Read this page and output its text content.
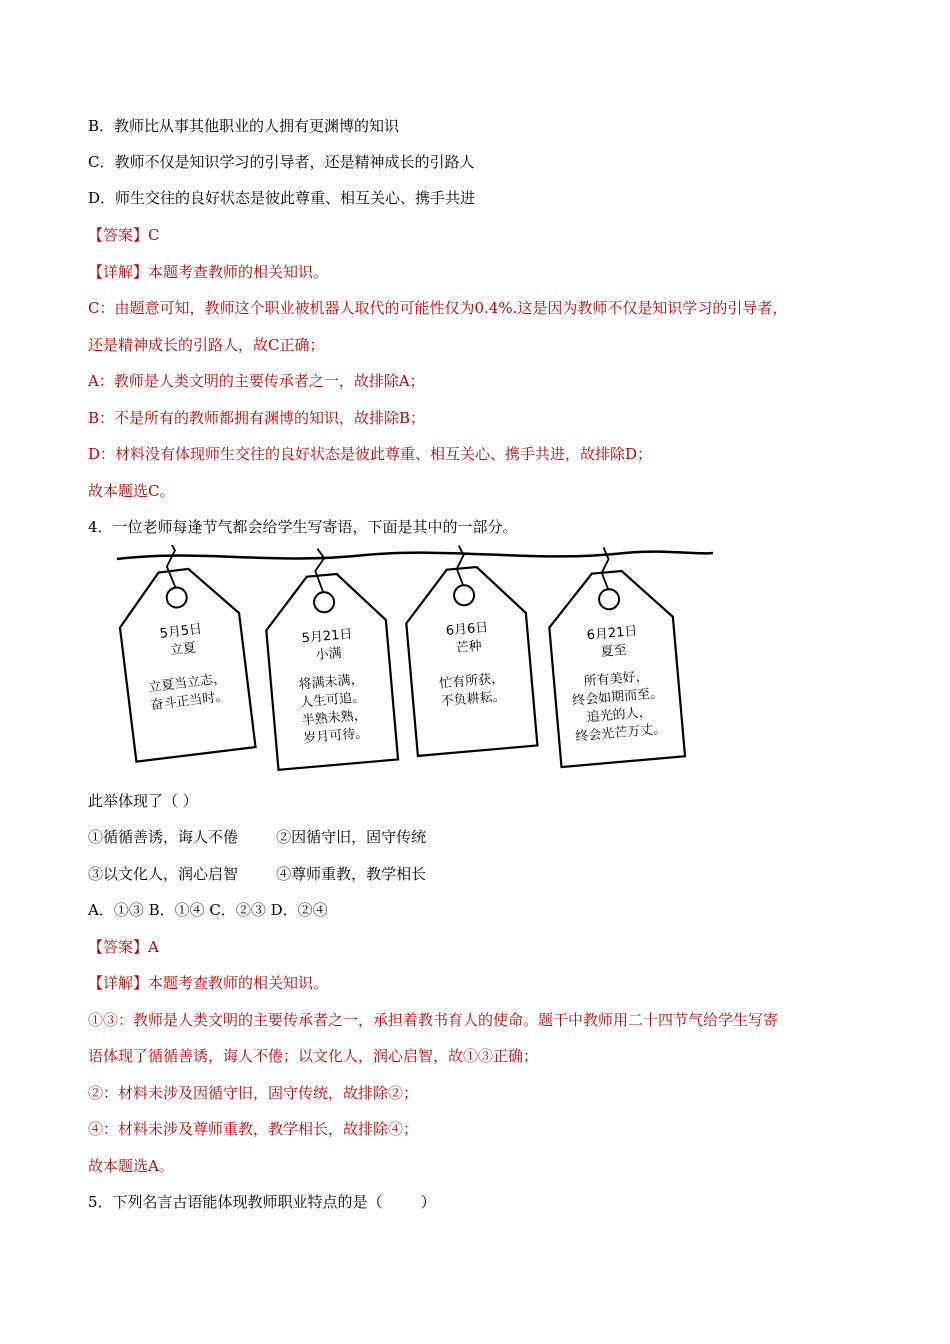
B．教师比从事其他职业的人拥有更渊博的知识
C．教师不仅是知识学习的引导者，还是精神成长的引路人
D．师生交往的良好状态是彼此尊重、相互关心、携手共进
【答案】C
【详解】本题考查教师的相关知识。
C：由题意可知，教师这个职业被机器人取代的可能性仅为0.4%.这是因为教师不仅是知识学习的引导者，
还是精神成长的引路人，故C正确；
A：教师是人类文明的主要传承者之一，故排除A；
B：不是所有的教师都拥有渊博的知识，故排除B；
D：材料没有体现师生交往的良好状态是彼此尊重、相互关心、携手共进，故排除D；
故本题选C。
4．一位老师每逢节气都会给学生写寄语，下面是其中的一部分。
5月5日
立夏
立夏当立志，
奋斗正当时。
5月21日
小满
将满未满，
人生可追。
半熟未熟，
岁月可待。
6月6日
芒种
忙有所获，
不负耕耘。
6月21日
夏至
所有美好，
终会如期而至。
追光的人，
终会光芒万丈。
此举体现了（ ）
①循循善诱，诲人不倦        ②因循守旧，固守传统
③以文化人，润心启智        ④尊师重教，教学相长
A．①③ B．①④ C．②③ D．②④
【答案】A
【详解】本题考查教师的相关知识。
①③：教师是人类文明的主要传承者之一，承担着教书育人的使命。题干中教师用二十四节气给学生写寄
语体现了循循善诱，诲人不倦；以文化人，润心启智，故①③正确；
②：材料未涉及因循守旧，固守传统，故排除②；
④：材料未涉及尊师重教，教学相长，故排除④；
故本题选A。
5．下列名言古语能体现教师职业特点的是（        ）
